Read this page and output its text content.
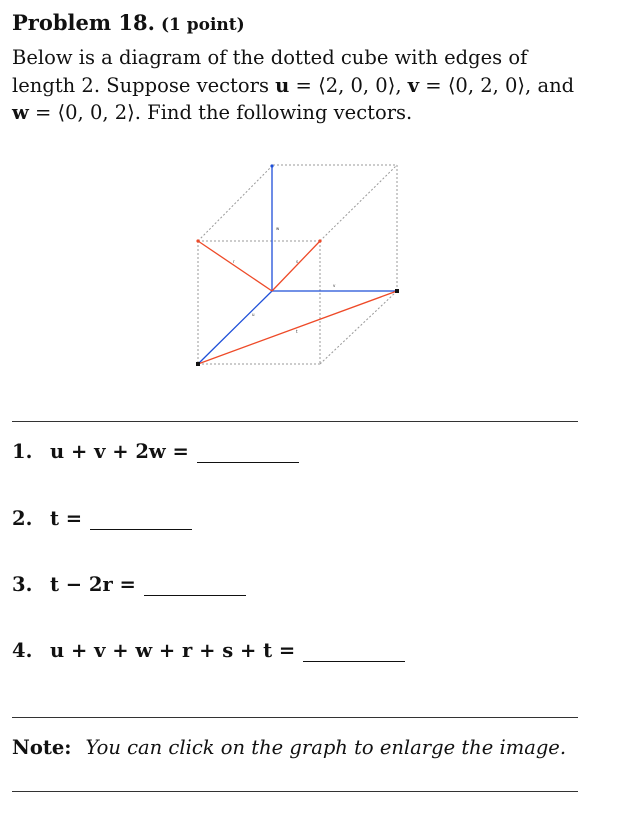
Problem 18. (1 point)
Below is a diagram of the dotted cube with edges of
length 2. Suppose vectors u = ⟨2, 0, 0⟩, v = ⟨0, 2, 0⟩, and
w = ⟨0, 0, 2⟩. Find the following vectors.
u
v
w
r	s
t
1. u + v + 2w =
2. t =
3. t − 2r =
4. u + v + w + r + s + t =
Note: You can click on the graph to enlarge the image.
